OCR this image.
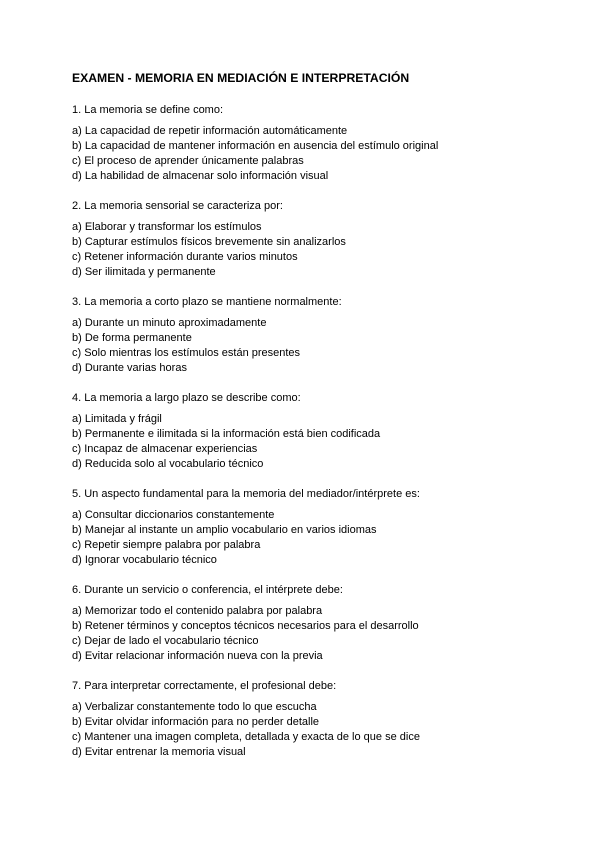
EXAMEN - MEMORIA EN MEDIACIÓN E INTERPRETACIÓN
1. La memoria se define como:
a) La capacidad de repetir información automáticamente
b) La capacidad de mantener información en ausencia del estímulo original
c) El proceso de aprender únicamente palabras
d) La habilidad de almacenar solo información visual
2. La memoria sensorial se caracteriza por:
a) Elaborar y transformar los estímulos
b) Capturar estímulos físicos brevemente sin analizarlos
c) Retener información durante varios minutos
d) Ser ilimitada y permanente
3. La memoria a corto plazo se mantiene normalmente:
a) Durante un minuto aproximadamente
b) De forma permanente
c) Solo mientras los estímulos están presentes
d) Durante varias horas
4. La memoria a largo plazo se describe como:
a) Limitada y frágil
b) Permanente e ilimitada si la información está bien codificada
c) Incapaz de almacenar experiencias
d) Reducida solo al vocabulario técnico
5. Un aspecto fundamental para la memoria del mediador/intérprete es:
a) Consultar diccionarios constantemente
b) Manejar al instante un amplio vocabulario en varios idiomas
c) Repetir siempre palabra por palabra
d) Ignorar vocabulario técnico
6. Durante un servicio o conferencia, el intérprete debe:
a) Memorizar todo el contenido palabra por palabra
b) Retener términos y conceptos técnicos necesarios para el desarrollo
c) Dejar de lado el vocabulario técnico
d) Evitar relacionar información nueva con la previa
7. Para interpretar correctamente, el profesional debe:
a) Verbalizar constantemente todo lo que escucha
b) Evitar olvidar información para no perder detalle
c) Mantener una imagen completa, detallada y exacta de lo que se dice
d) Evitar entrenar la memoria visual
